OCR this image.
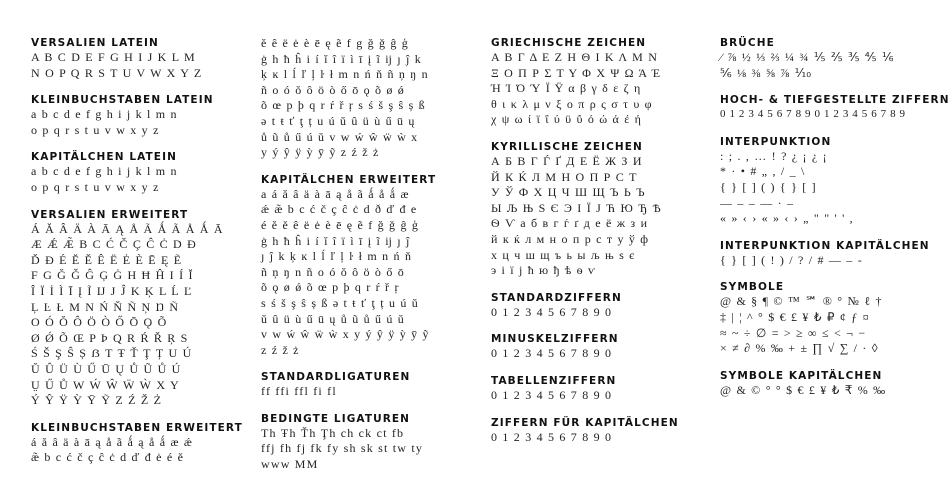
VERSALIEN LATEIN
A B C D E F G H I J K L M
N O P Q R S T U V W X Y Z
KLEINBUCHSTABEN LATEIN
a b c d e f g h i j k l m n
o p q r s t u v w x y z
KAPITÄLCHEN LATEIN
a b c d e f g h i j k l m n
o p q r s t u v w x y z
VERSALIEN ERWEITERT
Á Ă Â Ä À Ā Ą Å Ã Ǻ Ã Å Ǻ Ā
Æ Ǽ Æ̃ B C Ć Č Ç Ĉ Ċ D Ð
Ď Đ É Ĕ Ě Ê Ë Ė È Ē Ę Ẽ
F G Ğ Ǧ Ĝ Ģ Ġ H Ħ Ĥ I Í Ĭ
Î Ï İ Ì Ī Į Ĩ Ĳ J Ĵ K Ķ L Ĺ Ľ
Ļ Ŀ Ł M N Ń Ň Ñ Ņ Ŋ Ñ
O Ó Ŏ Ô Ö Ò Ő Ō Ǫ Õ
Ø Ǿ Õ Œ P Þ Q R Ŕ Ř Ŗ S
Ś Š Ş Ŝ Ș ẞ T Ŧ Ť Ţ Ț U Ú
Ŭ Û Ü Ù Ű Ū Ų Ů Ũ Ů Ú
Ṳ Ű Ů W Ẃ Ŵ Ẅ Ẁ X Y
Ý Ŷ Ÿ Ỳ Ȳ Ỹ Z Ź Ž Ż
KLEINBUCHSTABEN ERWEITERT
á ă â ä à ā ą å ã ǻ ą å ǻ æ ǽ
æ̃ b c ć č ç ĉ ċ d ď đ ė é ě
ĕ ê ë ė è ē ę ẽ f g ğ ǧ ĝ ģ
ġ h ħ ĥ i í ĭ î ï ì ī į ĩ ĳ ȷ ĵ k
ķ ĸ l ĺ ľ ļ ŀ ł m n ń ň ñ ņ ŋ n
ñ o ó ŏ ô ö ò ő ō ǫ õ ø ǿ
õ œ p þ q r ŕ ř ŗ s ś š ş ŝ ș ß
ə t ŧ ť ţ ț u ú ŭ û ü ù ű ū ų
ů ũ ů ű ú ŭ v w ẃ ŵ ẅ ẁ x
y ý ŷ ÿ ỳ ȳ ỹ z ź ž ż
KAPITÄLCHEN ERWEITERT
a á ă â ä à ā ą å ã ǻ å ǻ æ
ǽ æ̃ b c ć č ç ĉ ċ d ð ď đ e
é ĕ ě ê ë ė è ē ę ẽ f ğ ǧ ĝ ģ
ġ h ħ ĥ i í ĭ î ï ì ī į ĩ ĳ ȷ ĵ
ȷ ĵ k ķ ĸ l ĺ ľ ļ ŀ ł m n ń ň
ñ ņ ŋ n ñ o ó ŏ ô ö ò ő ō
õ ǫ ø ǿ õ œ p þ q r ŕ ř ŗ
s ś š ş ŝ ș ß ə t ŧ ť ţ ț u ú ŭ
ŭ û ü ù ű ū ų ů ũ ů ű ú ŭ
v w ẃ ŵ ẅ ẁ x y ý ŷ ÿ ỳ ȳ ỹ
z ź ž ż
STANDARDLIGATUREN
ff ffi ffl fi fl
BEDINGTE LIGATUREN
Th Ŧh Ťh Ţh ch ck ct fb
ffj fh fj fk fy sh sk st tw ty
www MM
GRIECHISCHE ZEICHEN
Α Β Γ Δ Ε Ζ Η Θ Ι Κ Λ Μ Ν
Ξ Ο Π Ρ Σ Τ Υ Φ Χ Ψ Ω Ά Έ
Ή Ί Ό Ύ Ϊ Ϋ α β γ δ ε ζ η
θ ι κ λ μ ν ξ ο π ρ ς σ τ υ φ
χ ψ ω ί ϊ ΐ ύ ϋ ΰ ό ώ ά έ ή
KYRILLISCHE ZEICHEN
А Б В Г Ѓ Ґ Д Е Ё Ж З И
Й К Ќ Л М Н О П Р С Т
У Ў Ф Х Ц Ч Ш Щ Ъ Ь Ъ
Ы Љ Њ Ѕ Є Э І Ї Ј Ћ Ю Ђ Ѣ
Ѳ Ѵ а б в г ѓ ґ д е ё ж з и
й к ќ л м н о п р с т у ў ф
х ц ч ш щ ъ ь ы љ њ ѕ є
э і ї ј ћ ю ђ ѣ ѳ ѵ
STANDARDZIFFERN
0 1 2 3 4 5 6 7 8 9 0
MINUSKELZIFFERN
0 1 2 3 4 5 6 7 8 9 0
TABELLENZIFFERN
0 1 2 3 4 5 6 7 8 9 0
ZIFFERN FÜR KAPITÄLCHEN
0 1 2 3 4 5 6 7 8 9 0
BRÜCHE
⁄ ⅞ ½ ⅓ ⅔ ¼ ¾ ⅕ ⅖ ⅗ ⅘ ⅙
⅚ ⅛ ⅜ ⅝ ⅞ ⅒
HOCH- & TIEFGESTELLTE ZIFFERN
0 1 2 3 4 5 6 7 8 9 0 1 2 3 4 5 6 7 8 9
INTERPUNKTION
: ; . , … ! ? ¿ ¡ ¿ ¡
* · • # „ , / _ \
{ } [ ] ( ) { } [ ]
— – – — · –
« » ‹ › « » ‹ › „ " " ' ' ,
INTERPUNKTION KAPITÄLCHEN
{ } [ ] ( ! ) / ? / # — – -
SYMBOLE
@ & § ¶ © ™ ℠ ® ° № ℓ †
‡ | ¦ ^ ° $ € £ ¥ ₺ ₽ ¢ ƒ ¤
≈ ~ ÷ ∅ = > ≥ ∞ ≤ < ¬ −
× ≠ ∂ % ‰ + ± ∏ √ ∑ / · ◊
SYMBOLE KAPITÄLCHEN
@ & © ° ° $ € £ ¥ ₺ ₹ % ‰
